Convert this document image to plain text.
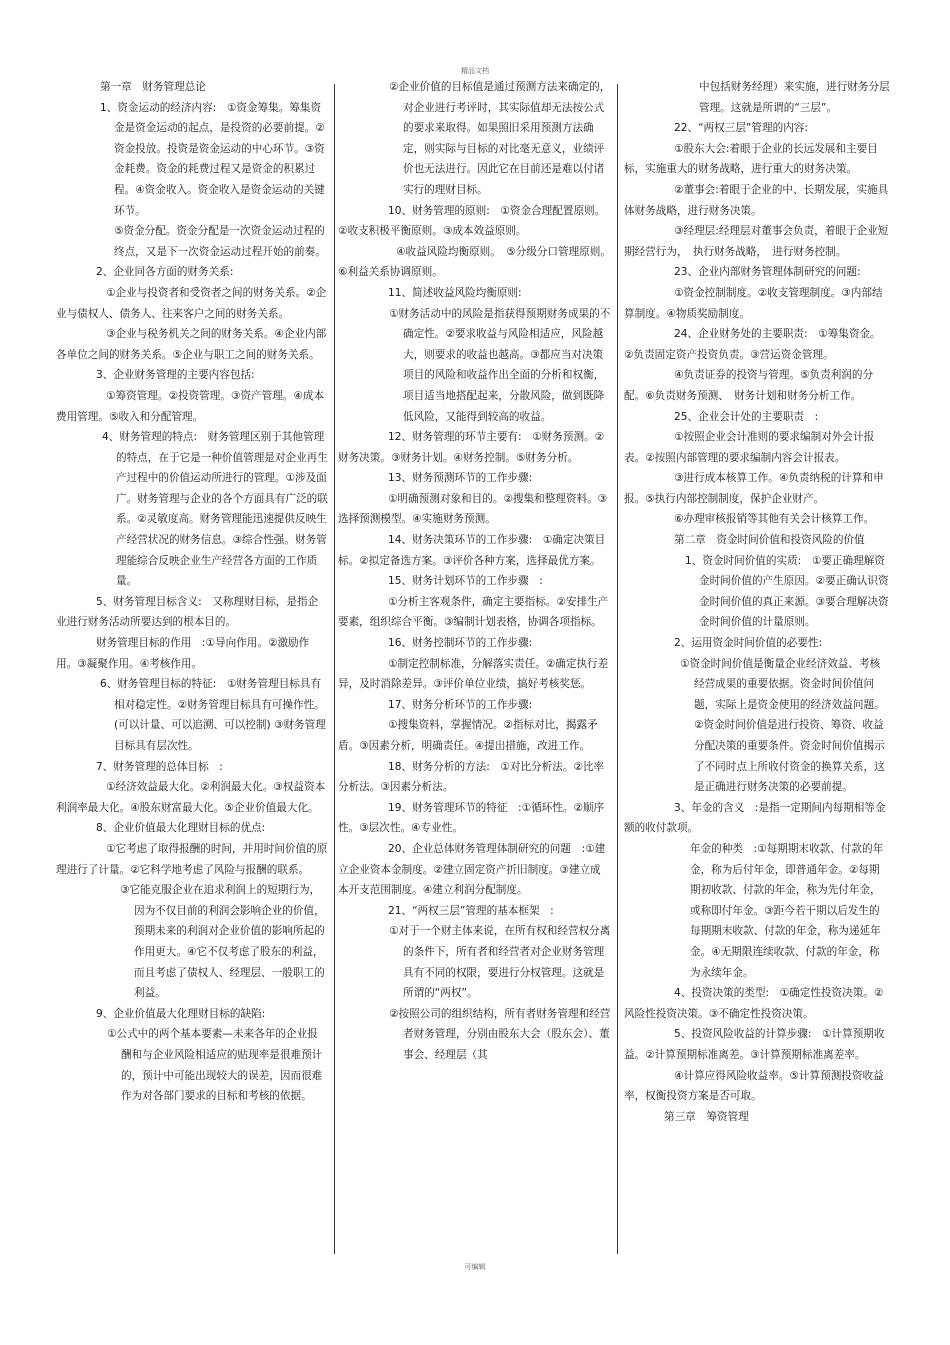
精品文档

第一章　财务管理总论

1、资金运动的经济内容:　①资金筹集。筹集资金是资金运动的起点，是投资的必要前提。②资金投放。投资是资金运动的中心环节。③资金耗费。资金的耗费过程又是资金的积累过程。④资金收入。资金收入是资金运动的关键环节。

⑤资金分配。资金分配是一次资金运动过程的终点，又是下一次资金运动过程开始的前奏。

2、企业同各方面的财务关系:

①企业与投资者和受资者之间的财务关系。②企业与债权人、债务人、往来客户之间的财务关系。

③企业与税务机关之间的财务关系。④企业内部各单位之间的财务关系。⑤企业与职工之间的财务关系。

3、企业财务管理的主要内容包括:

①筹资管理。②投资管理。③资产管理。④成本费用管理。⑤收入和分配管理。

4、财务管理的特点:　财务管理区别于其他管理的特点，在于它是一种价值管理是对企业再生产过程中的价值运动所进行的管理。①涉及面广。财务管理与企业的各个方面具有广泛的联系。②灵敏度高。财务管理能迅速提供反映生产经营状况的财务信息。③综合性强。财务管理能综合反映企业生产经营各方面的工作质量。

5、财务管理目标含义:　又称理财目标，是指企业进行财务活动所要达到的根本目的。

财务管理目标的作用　:①导向作用。②激励作用。③凝聚作用。④考核作用。

6、财务管理目标的特征:　①财务管理目标具有相对稳定性。②财务管理目标具有可操作性。　(可以计量、可以追溯、可以控制) ③财务管理目标具有层次性。

7、财务管理的总体目标　:

①经济效益最大化。②利润最大化。③权益资本利润率最大化。④股东财富最大化。⑤企业价值最大化。

8、企业价值最大化理财目标的优点:

①它考虑了取得报酬的时间，并用时间价值的原理进行了计量。②它科学地考虑了风险与报酬的联系。

③它能克服企业在追求利润上的短期行为，因为不仅目前的利润会影响企业的价值，预期未来的利润对企业价值的影响所起的作用更大。④它不仅考虑了股东的利益，而且考虑了债权人、经理层、一般职工的利益。

9、企业价值最大化理财目标的缺陷:

①公式中的两个基本要素—未来各年的企业报酬和与企业风险相适应的贴现率是很难预计的，预计中可能出现较大的误差，因而很难作为对各部门要求的目标和考核的依据。

②企业价值的目标值是通过预测方法来确定的，对企业进行考评时，其实际值却无法按公式的要求来取得。如果照旧采用预测方法确定，则实际与目标的对比毫无意义，业绩评价也无法进行。因此它在目前还是难以付诸实行的理财目标。

10、财务管理的原则:　①资金合理配置原则。②收支积极平衡原则。③成本效益原则。

④收益风险均衡原则。　⑤分级分口管理原则。⑥利益关系协调原则。

11、简述收益风险均衡原则:

①财务活动中的风险是指获得预期财务成果的不确定性。②要求收益与风险相适应，风险越大，则要求的收益也越高。③都应当对决策项目的风险和收益作出全面的分析和权衡，项目适当地搭配起来，分散风险，做到既降低风险，又能得到较高的收益。

12、财务管理的环节主要有:　①财务预测。②财务决策。③财务计划。④财务控制。⑤财务分析。

13、财务预测环节的工作步骤:

①明确预测对象和目的。②搜集和整理资料。③选择预测模型。④实施财务预测。

14、财务决策环节的工作步骤:　①确定决策目标。②拟定备选方案。③评价各种方案，选择最优方案。

15、财务计划环节的工作步骤　:

①分析主客观条件，确定主要指标。②安排生产要素，组织综合平衡。③编制计划表格，协调各项指标。

16、财务控制环节的工作步骤:

①制定控制标准，分解落实责任。②确定执行差异，及时消除差异。③评价单位业绩，搞好考核奖惩。

17、财务分析环节的工作步骤:

①搜集资料，掌握情况。②指标对比，揭露矛盾。③因素分析，明确责任。④提出措施，改进工作。

18、财务分析的方法:　①对比分析法。②比率分析法。③因素分析法。

19、财务管理环节的特征　:①循环性。②顺序性。③层次性。④专业性。

20、企业总体财务管理体制研究的问题　:①建立企业资本金制度。②建立固定资产折旧制度。③建立成本开支范围制度。④建立利润分配制度。

21、“两权三层”管理的基本框架　:

①对于一个财主体来说，在所有权和经营权分离的条件下，所有者和经营者对企业财务管理具有不同的权限，要进行分权管理。这就是所谓的“两权”。

②按照公司的组织结构，所有者财务管理和经营者财务管理，分别由股东大会（股东会）、董事会、经理层（其

中包括财务经理）来实施，进行财务分层管理。这就是所谓的“三层”。

22、“两权三层”管理的内容:

①股东大会:着眼于企业的长远发展和主要目标，实施重大的财务战略，进行重大的财务决策。

②董事会:着眼于企业的中、长期发展，实施具体财务战略，进行财务决策。

③经理层:经理层对董事会负责，着眼于企业短期经营行为，　执行财务战略，　进行财务控制。

23、企业内部财务管理体制研究的问题:

①资金控制制度。②收支管理制度。③内部结算制度。④物质奖励制度。

24、企业财务处的主要职责:　①筹集资金。②负责固定资产投资负责。③营运资金管理。

④负责证券的投资与管理。⑤负责利润的分配。⑥负责财务预测、　财务计划和财务分析工作。

25、企业会计处的主要职责　:

①按照企业会计准则的要求编制对外会计报表。②按照内部管理的要求编制内容会计报表。

③进行成本核算工作。④负责纳税的计算和申报。⑤执行内部控制制度，保护企业财产。

⑥办理审核报销等其他有关会计核算工作。

第二章　资金时间价值和投资风险的价值

1、资金时间价值的实质:　①要正确理解资金时间价值的产生原因。②要正确认识资金时间价值的真正来源。③要合理解决资金时间价值的计量原则。

2、运用资金时间价值的必要性:

①资金时间价值是衡量企业经济效益、考核经营成果的重要依据。资金时间价值问题，实际上是资金使用的经济效益问题。②资金时间价值是进行投资、筹资、收益分配决策的重要条件。资金时间价值揭示了不同时点上所收付资金的换算关系，这是正确进行财务决策的必要前提。

3、年金的含义　:是指一定期间内每期相等金额的收付款项。

年金的种类　:①每期期末收款、付款的年金，称为后付年金，即普通年金。②每期期初收款、付款的年金，称为先付年金，或称即付年金。③距今若干期以后发生的每期期末收款、付款的年金，称为递延年金。④无期限连续收款、付款的年金，称为永续年金。

4、投资决策的类型:　①确定性投资决策。②风险性投资决策。③不确定性投资决策。

5、投资风险收益的计算步骤:　①计算预期收益。②计算预期标准离差。③计算预期标准离差率。

④计算应得风险收益率。⑤计算预测投资收益率，权衡投资方案是否可取。

第三章　筹资管理

可编辑
